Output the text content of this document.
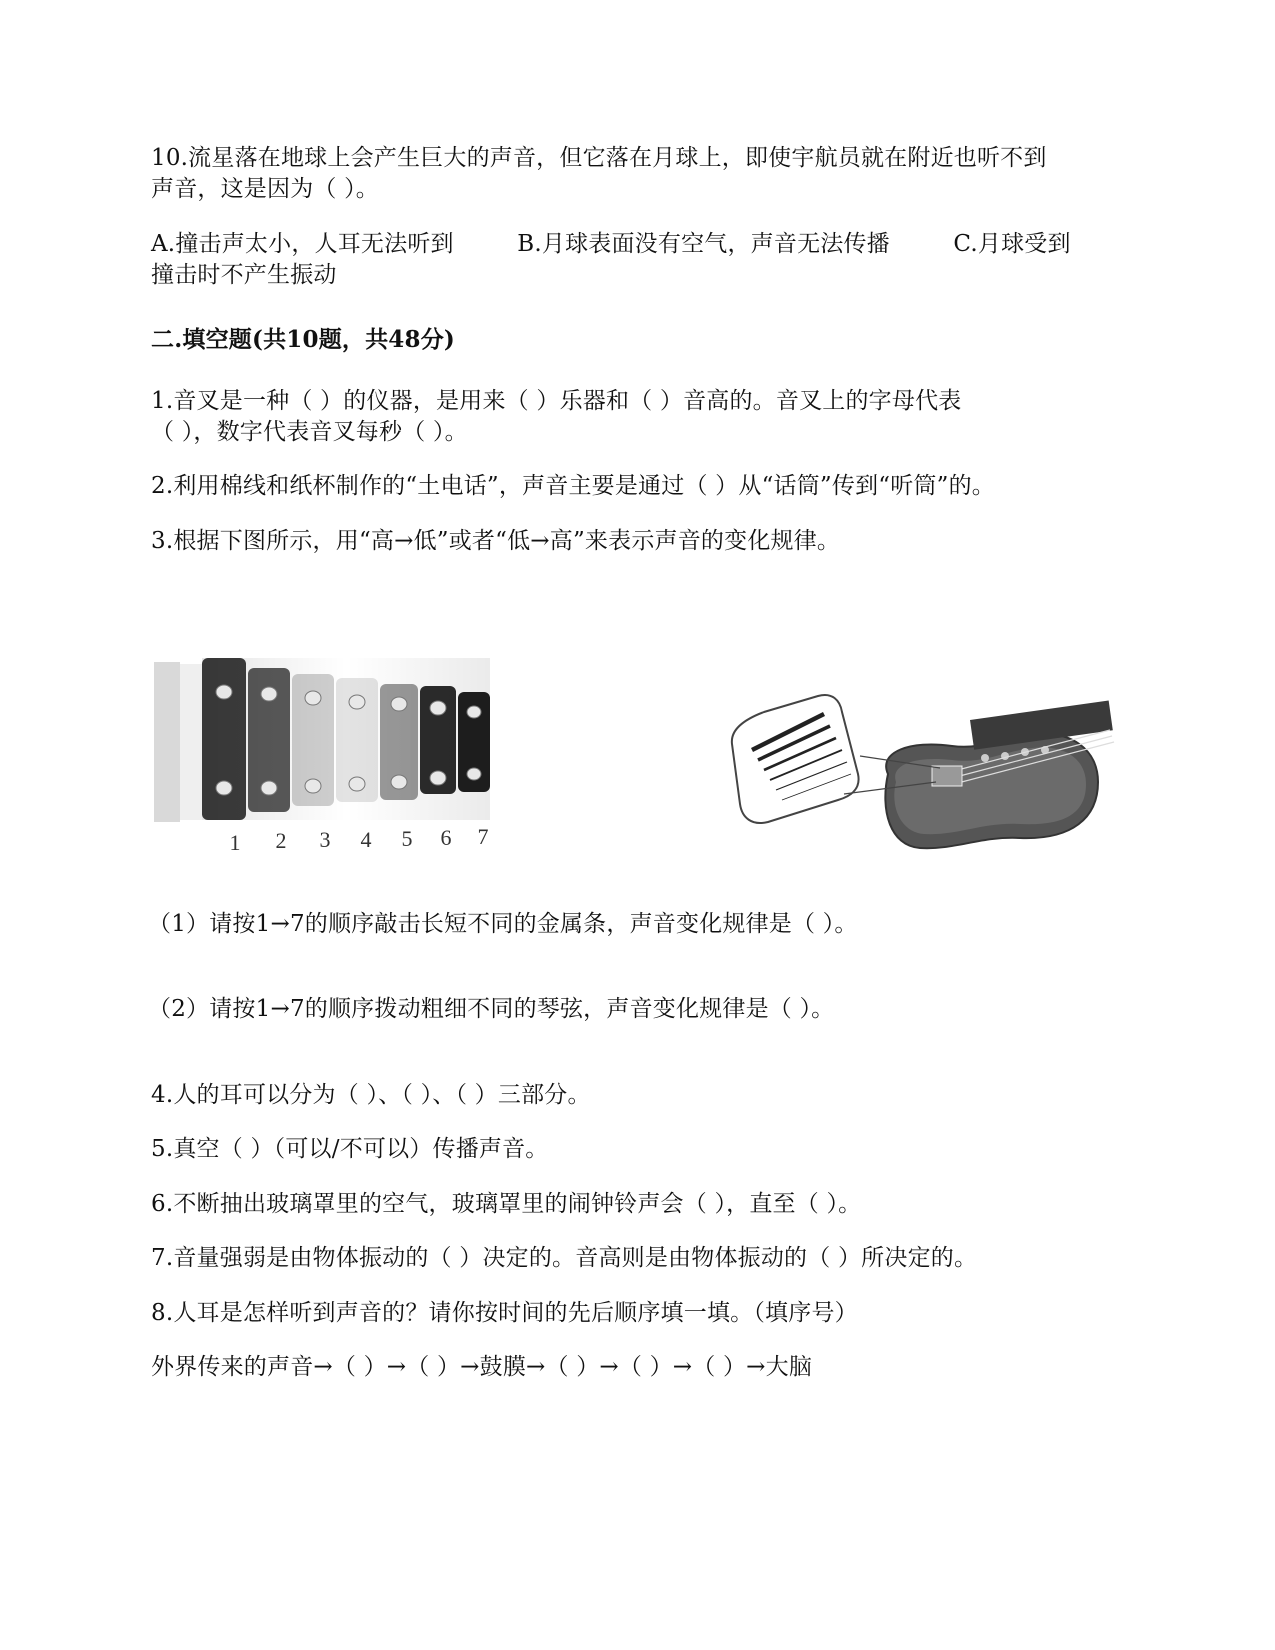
10.流星落在地球上会产生巨大的声音，但它落在月球上，即使宇航员就在附近也听不到
声音，这是因为（ ）。
A.撞击声太小，人耳无法听到	B.月球表面没有空气，声音无法传播	C.月球受到
撞击时不产生振动
二.填空题(共10题，共48分)
1.音叉是一种（ ）的仪器，是用来（ ）乐器和（ ）音高的。音叉上的字母代表
（ ），数字代表音叉每秒（ ）。
2.利用棉线和纸杯制作的“土电话”，声音主要是通过（ ）从“话筒”传到“听筒”的。
3.根据下图所示，用“高→低”或者“低→高”来表示声音的变化规律。
1 2 3 4 5 6 7
（1）请按1→7的顺序敲击长短不同的金属条，声音变化规律是（ ）。
（2）请按1→7的顺序拨动粗细不同的琴弦，声音变化规律是（ ）。
4.人的耳可以分为（ ）、（ ）、（ ）三部分。
5.真空（ ）（可以/不可以）传播声音。
6.不断抽出玻璃罩里的空气，玻璃罩里的闹钟铃声会（ ），直至（ ）。
7.音量强弱是由物体振动的（ ）决定的。音高则是由物体振动的（ ）所决定的。
8.人耳是怎样听到声音的？请你按时间的先后顺序填一填。（填序号）
外界传来的声音→（ ）→（ ）→鼓膜→（ ）→（ ）→（ ）→大脑
